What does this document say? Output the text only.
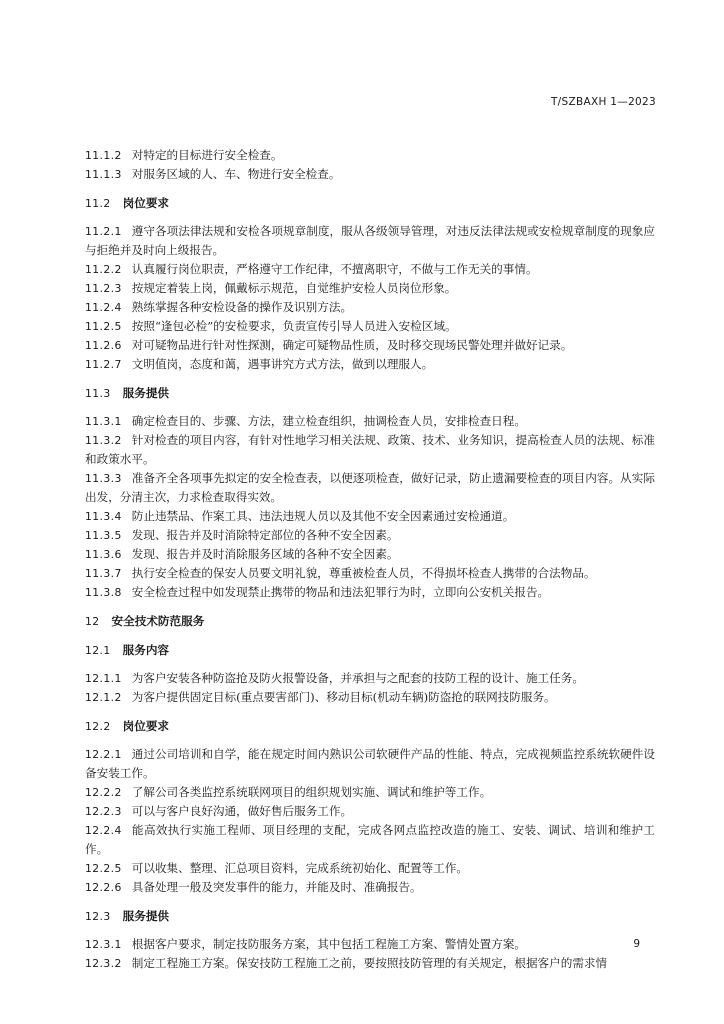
T/SZBAXH 1—2023
11.1.2 对特定的目标进行安全检查。
11.1.3 对服务区域的人、车、物进行安全检查。
11.2 岗位要求
11.2.1 遵守各项法律法规和安检各项规章制度，服从各级领导管理，对违反法律法规或安检规章制度的现象应与拒绝并及时向上级报告。
11.2.2 认真履行岗位职责，严格遵守工作纪律，不擅离职守，不做与工作无关的事情。
11.2.3 按规定着装上岗，佩戴标示规范，自觉维护安检人员岗位形象。
11.2.4 熟练掌握各种安检设备的操作及识别方法。
11.2.5 按照“逢包必检”的安检要求，负责宣传引导人员进入安检区域。
11.2.6 对可疑物品进行针对性探测，确定可疑物品性质，及时移交现场民警处理并做好记录。
11.2.7 文明值岗，态度和蔼，遇事讲究方式方法，做到以理服人。
11.3 服务提供
11.3.1 确定检查目的、步骤、方法，建立检查组织，抽调检查人员，安排检查日程。
11.3.2 针对检查的项目内容，有针对性地学习相关法规、政策、技术、业务知识，提高检查人员的法规、标准和政策水平。
11.3.3 准备齐全各项事先拟定的安全检查表，以便逐项检查，做好记录，防止遗漏要检查的项目内容。从实际出发，分清主次，力求检查取得实效。
11.3.4 防止违禁品、作案工具、违法违规人员以及其他不安全因素通过安检通道。
11.3.5 发现、报告并及时消除特定部位的各种不安全因素。
11.3.6 发现、报告并及时消除服务区域的各种不安全因素。
11.3.7 执行安全检查的保安人员要文明礼貌，尊重被检查人员，不得损坏检查人携带的合法物品。
11.3.8 安全检查过程中如发现禁止携带的物品和违法犯罪行为时，立即向公安机关报告。
12 安全技术防范服务
12.1 服务内容
12.1.1 为客户安装各种防盗抢及防火报警设备，并承担与之配套的技防工程的设计、施工任务。
12.1.2 为客户提供固定目标(重点要害部门)、移动目标(机动车辆)防盗抢的联网技防服务。
12.2 岗位要求
12.2.1 通过公司培训和自学，能在规定时间内熟识公司软硬件产品的性能、特点，完成视频监控系统软硬件设备安装工作。
12.2.2 了解公司各类监控系统联网项目的组织规划实施、调试和维护等工作。
12.2.3 可以与客户良好沟通，做好售后服务工作。
12.2.4 能高效执行实施工程师、项目经理的支配，完成各网点监控改造的施工、安装、调试、培训和维护工作。
12.2.5 可以收集、整理、汇总项目资料，完成系统初始化、配置等工作。
12.2.6 具备处理一般及突发事件的能力，并能及时、准确报告。
12.3 服务提供
12.3.1 根据客户要求，制定技防服务方案，其中包括工程施工方案、警情处置方案。
12.3.2 制定工程施工方案。保安技防工程施工之前，要按照技防管理的有关规定，根据客户的需求情
9
